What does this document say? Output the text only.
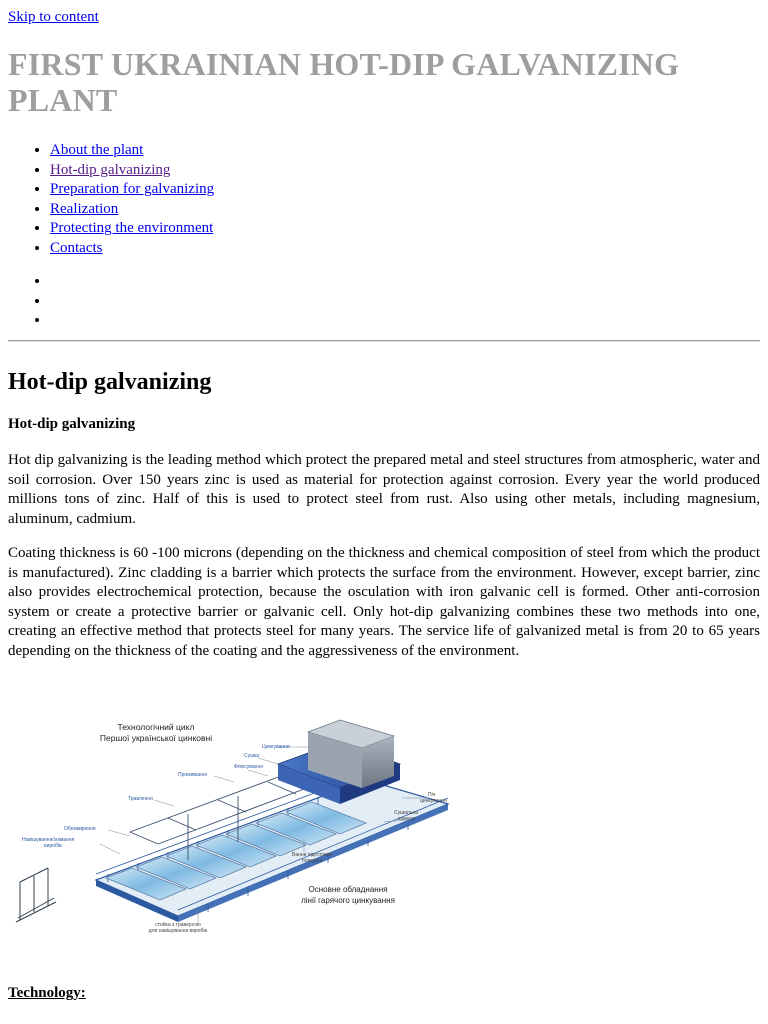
Skip to content
FIRST UKRAINIAN HOT-DIP GALVANIZING PLANT
• About the plant
• Hot-dip galvanizing
• Preparation for galvanizing
• Realization
• Protecting the environment
• Contacts
Hot-dip galvanizing
Hot-dip galvanizing

Hot dip galvanizing is the leading method which protect the prepared metal and steel structures from atmospheric, water and soil corrosion. Over 150 years zinc is used as material for protection against corrosion. Every year the world produced millions tons of zinc. Half of this is used to protect steel from rust. Also using other metals, including magnesium, aluminum, cadmium.

Coating thickness is 60 -100 microns (depending on the thickness and chemical composition of steel from which the product is manufactured). Zinc cladding is a barrier which protects the surface from the environment. However, except barrier, zinc also provides electrochemical protection, because the osculation with iron galvanic cell is formed. Other anti-corrosion system or create a protective barrier or galvanic cell. Only hot-dip galvanizing combines these two methods into one, creating an effective method that protects steel for many years. The service life of galvanized metal is from 20 to 65 years depending on the thickness of the coating and the aggressiveness of the environment.

Технологічний цикл
Першої української цинковні
Цинкування
Сушка
Флюсування
Промивання
Травлення
Обезжирення
Навішування/знімання
виробів
Піч
цинкування
Сушильна
камера
Ванни підготовки
поверхні
Основне обладнання
лінії гарячого цинкування
стойка з траверсою
для навішування виробів

Technology:
